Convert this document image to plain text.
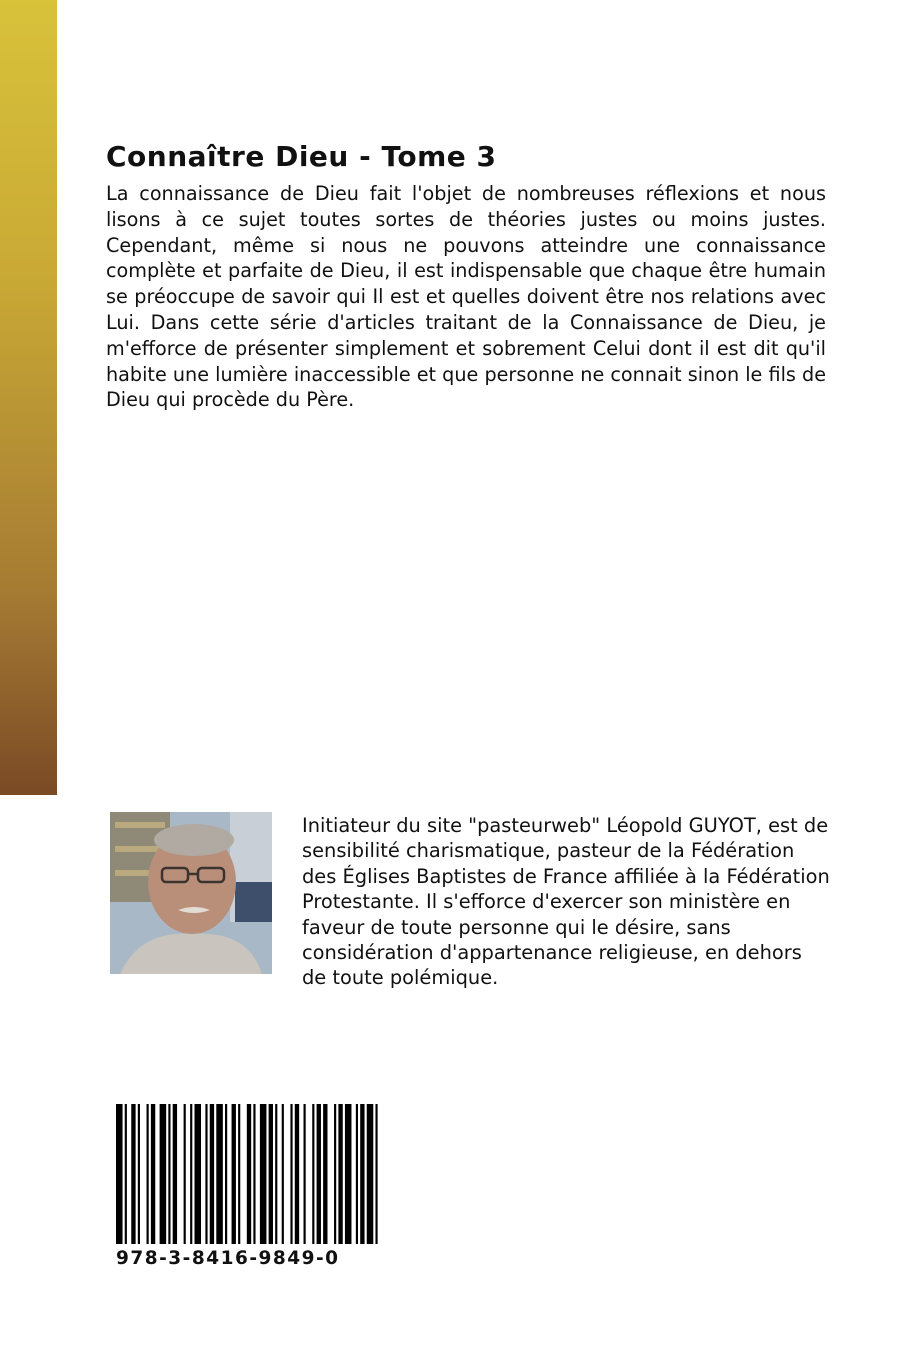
Connaître Dieu - Tome 3

La connaissance de Dieu fait l'objet de nombreuses réflexions et nous lisons à ce sujet toutes sortes de théories justes ou moins justes. Cependant, même si nous ne pouvons atteindre une connaissance complète et parfaite de Dieu, il est indispensable que chaque être humain se préoccupe de savoir qui Il est et quelles doivent être nos relations avec Lui. Dans cette série d'articles traitant de la Connaissance de Dieu, je m'efforce de présenter simplement et sobrement Celui dont il est dit qu'il habite une lumière inaccessible et que personne ne connait sinon le fils de Dieu qui procède du Père.

Initiateur du site "pasteurweb" Léopold GUYOT, est de sensibilité charismatique, pasteur de la Fédération des Églises Baptistes de France affiliée à la Fédération Protestante. Il s'efforce d'exercer son ministère en faveur de toute personne qui le désire, sans considération d'appartenance religieuse, en dehors de toute polémique.

978-3-8416-9849-0
